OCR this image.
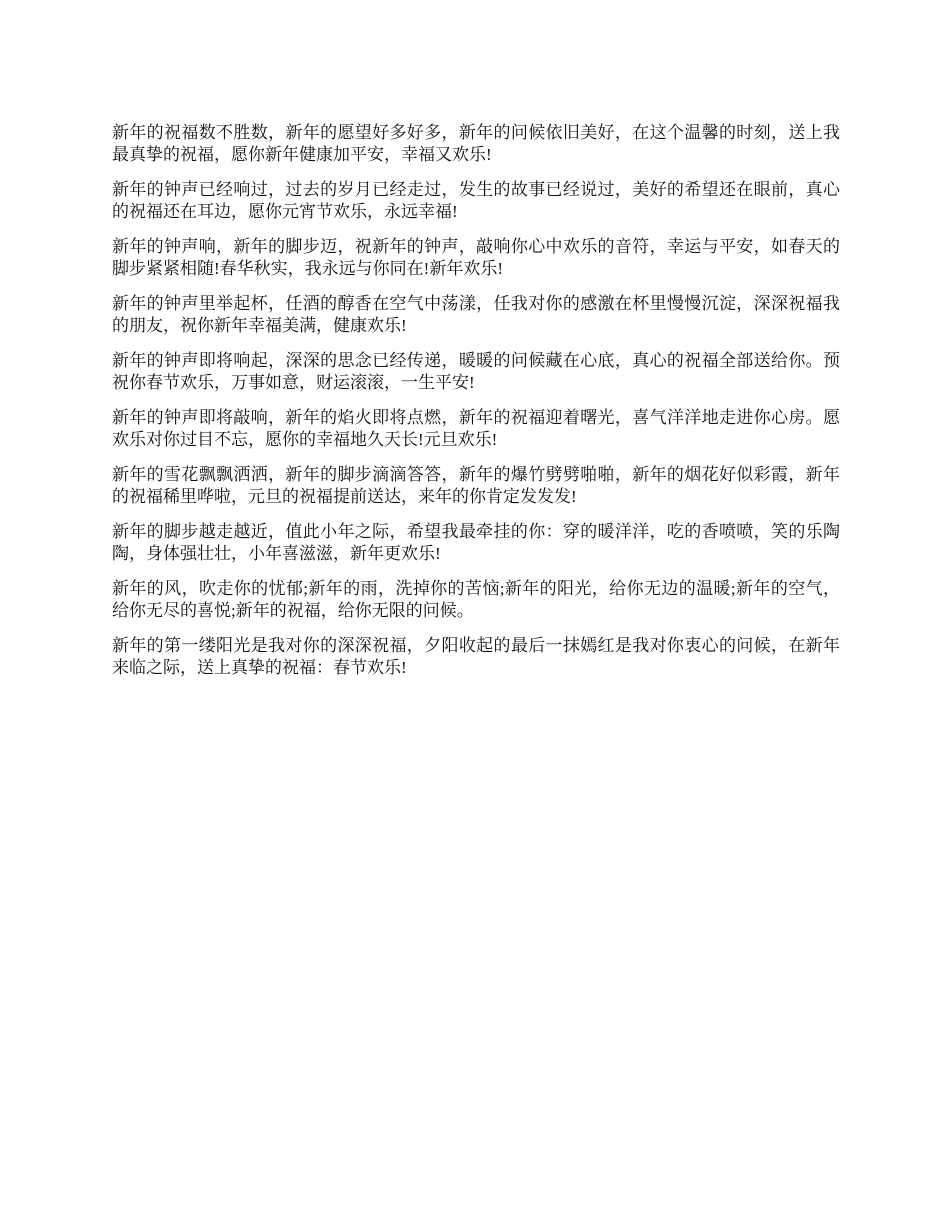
新年的祝福数不胜数，新年的愿望好多好多，新年的问候依旧美好，在这个温馨的时刻，送上我最真挚的祝福，愿你新年健康加平安，幸福又欢乐!

新年的钟声已经响过，过去的岁月已经走过，发生的故事已经说过，美好的希望还在眼前，真心的祝福还在耳边，愿你元宵节欢乐，永远幸福!

新年的钟声响，新年的脚步迈，祝新年的钟声，敲响你心中欢乐的音符，幸运与平安，如春天的脚步紧紧相随!春华秋实，我永远与你同在!新年欢乐!

新年的钟声里举起杯，任酒的醇香在空气中荡漾，任我对你的感激在杯里慢慢沉淀，深深祝福我的朋友，祝你新年幸福美满，健康欢乐!

新年的钟声即将响起，深深的思念已经传递，暖暖的问候藏在心底，真心的祝福全部送给你。预祝你春节欢乐，万事如意，财运滚滚，一生平安!

新年的钟声即将敲响，新年的焰火即将点燃，新年的祝福迎着曙光，喜气洋洋地走进你心房。愿欢乐对你过目不忘，愿你的幸福地久天长!元旦欢乐!

新年的雪花飘飘洒洒，新年的脚步滴滴答答，新年的爆竹劈劈啪啪，新年的烟花好似彩霞，新年的祝福稀里哗啦，元旦的祝福提前送达，来年的你肯定发发发!

新年的脚步越走越近，值此小年之际，希望我最牵挂的你：穿的暖洋洋，吃的香喷喷，笑的乐陶陶，身体强壮壮，小年喜滋滋，新年更欢乐!

新年的风，吹走你的忧郁;新年的雨，洗掉你的苦恼;新年的阳光，给你无边的温暖;新年的空气，给你无尽的喜悦;新年的祝福，给你无限的问候。

新年的第一缕阳光是我对你的深深祝福，夕阳收起的最后一抹嫣红是我对你衷心的问候，在新年来临之际，送上真挚的祝福：春节欢乐!
